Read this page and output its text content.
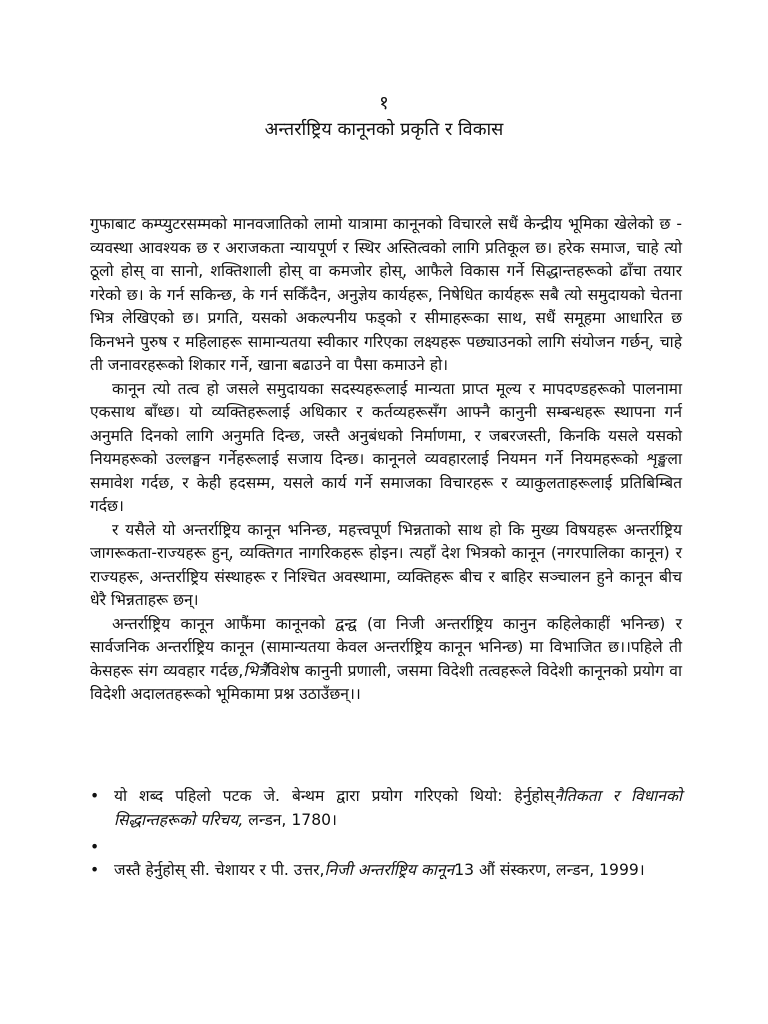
१
अन्तर्राष्ट्रिय कानूनको प्रकृति र विकास

गुफाबाट कम्प्युटरसम्मको मानवजातिको लामो यात्रामा कानूनको विचारले सधैं केन्द्रीय भूमिका खेलेको छ - व्यवस्था आवश्यक छ र अराजकता न्यायपूर्ण र स्थिर अस्तित्वको लागि प्रतिकूल छ। हरेक समाज, चाहे त्यो ठूलो होस् वा सानो, शक्तिशाली होस् वा कमजोर होस्, आफैले विकास गर्ने सिद्धान्तहरूको ढाँचा तयार गरेको छ। के गर्न सकिन्छ, के गर्न सकिँदैन, अनुज्ञेय कार्यहरू, निषेधित कार्यहरू सबै त्यो समुदायको चेतना भित्र लेखिएको छ। प्रगति, यसको अकल्पनीय फड्को र सीमाहरूका साथ, सधैं समूहमा आधारित छ किनभने पुरुष र महिलाहरू सामान्यतया स्वीकार गरिएका लक्ष्यहरू पछ्याउनको लागि संयोजन गर्छन्, चाहे ती जनावरहरूको शिकार गर्ने, खाना बढाउने वा पैसा कमाउने हो।

कानून त्यो तत्व हो जसले समुदायका सदस्यहरूलाई मान्यता प्राप्त मूल्य र मापदण्डहरूको पालनामा एकसाथ बाँध्छ। यो व्यक्तिहरूलाई अधिकार र कर्तव्यहरूसँग आफ्नै कानुनी सम्बन्धहरू स्थापना गर्न अनुमति दिनको लागि अनुमति दिन्छ, जस्तै अनुबंधको निर्माणमा, र जबरजस्ती, किनकि यसले यसको नियमहरूको उल्लङ्घन गर्नेहरूलाई सजाय दिन्छ। कानूनले व्यवहारलाई नियमन गर्ने नियमहरूको शृङ्खला समावेश गर्दछ, र केही हदसम्म, यसले कार्य गर्ने समाजका विचारहरू र व्याकुलताहरूलाई प्रतिबिम्बित गर्दछ।

र यसैले यो अन्तर्राष्ट्रिय कानून भनिन्छ, महत्त्वपूर्ण भिन्नताको साथ हो कि मुख्य विषयहरू अन्तर्राष्ट्रिय जागरूकता-राज्यहरू हुन्, व्यक्तिगत नागरिकहरू होइन। त्यहाँ देश भित्रको कानून (नगरपालिका कानून) र राज्यहरू, अन्तर्राष्ट्रिय संस्थाहरू र निश्चित अवस्थामा, व्यक्तिहरू बीच र बाहिर सञ्चालन हुने कानून बीच धेरै भिन्नताहरू छन्।

अन्तर्राष्ट्रिय कानून आफैंमा कानूनको द्वन्द्व (वा निजी अन्तर्राष्ट्रिय कानुन कहिलेकाहीं भनिन्छ) र सार्वजनिक अन्तर्राष्ट्रिय कानून (सामान्यतया केवल अन्तर्राष्ट्रिय कानून भनिन्छ) मा विभाजित छ।।पहिले ती केसहरू संग व्यवहार गर्दछ,भित्रैविशेष कानुनी प्रणाली, जसमा विदेशी तत्वहरूले विदेशी कानूनको प्रयोग वा विदेशी अदालतहरूको भूमिकामा प्रश्न उठाउँछन्।।

• यो शब्द पहिलो पटक जे. बेन्थम द्वारा प्रयोग गरिएको थियो: हेर्नुहोस्नैतिकता र विधानको सिद्धान्तहरूको परिचय, लन्डन, 1780।
•
• जस्तै हेर्नुहोस् सी. चेशायर र पी. उत्तर,निजी अन्तर्राष्ट्रिय कानून13 औं संस्करण, लन्डन, 1999।
